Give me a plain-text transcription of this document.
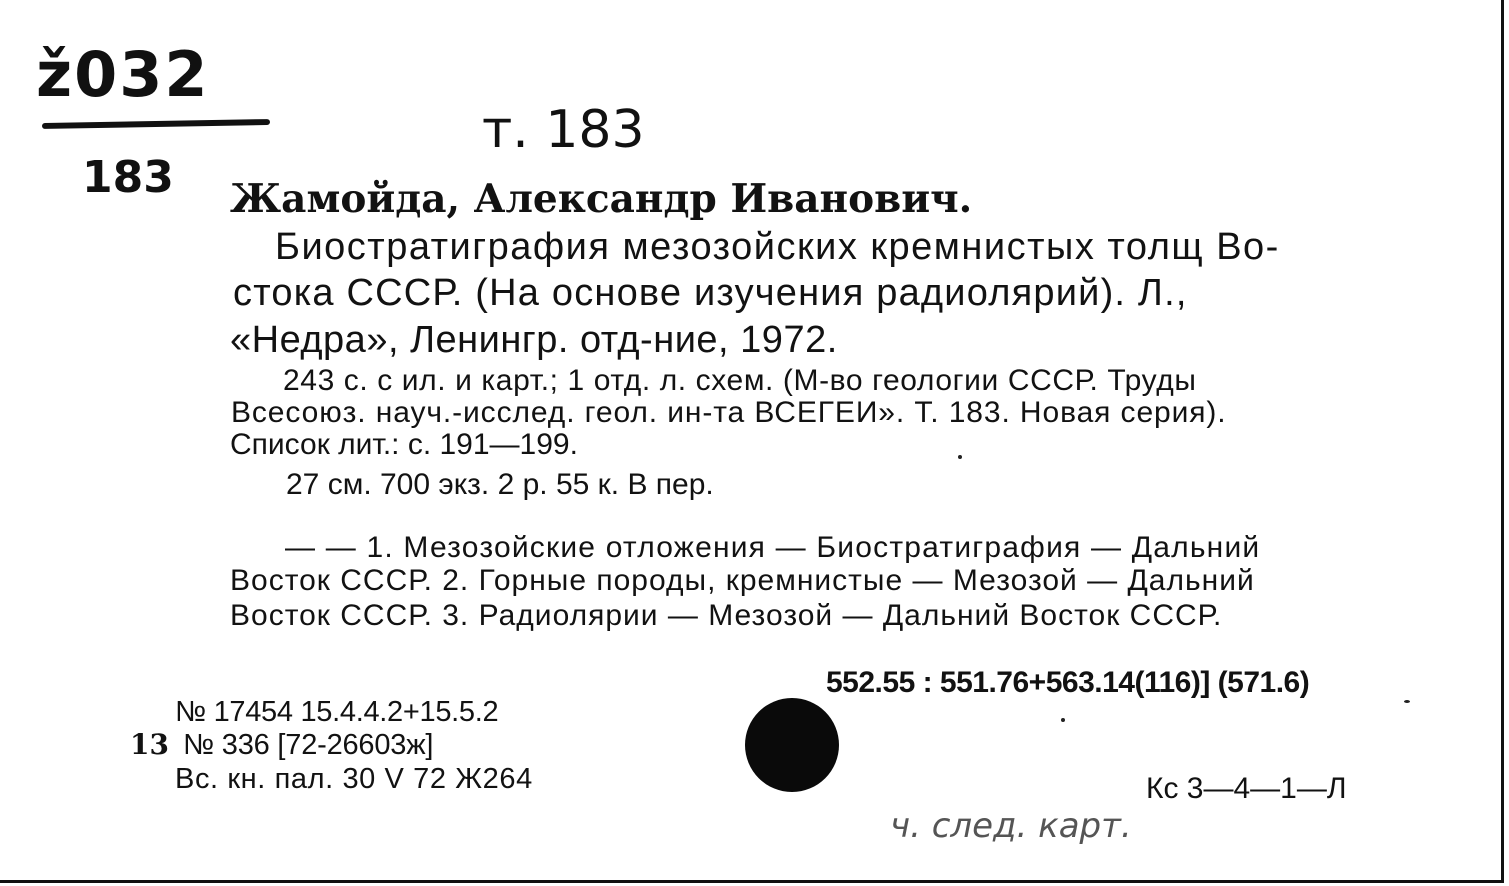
ž032
т. 183
183 Жамойда, Александр Иванович.
Биостратиграфия мезозойских кремнистых толщ Во-
стока СССР. (На основе изучения радиолярий). Л.,
«Недра», Ленингр. отд-ние, 1972.
243 с. с ил. и карт.; 1 отд. л. схем. (М-во геологии СССР. Труды
Всесоюз. науч.-исслед. геол. ин-та ВСЕГЕИ». Т. 183. Новая серия).
Список лит.: с. 191—199.
27 см. 700 экз. 2 р. 55 к. В пер.
— — 1. Мезозойские отложения — Биостратиграфия — Дальний
Восток СССР. 2. Горные породы, кремнистые — Мезозой — Дальний
Восток СССР. 3. Радиолярии — Мезозой — Дальний Восток СССР.
552.55 : 551.76+563.14(116)] (571.6)
№ 17454 15.4.4.2+15.5.2
13 № 336 [72-26603ж]
Вс. кн. пал. 30 V 72 Ж264	Кс 3—4—1—Л
ч. след. карт.
